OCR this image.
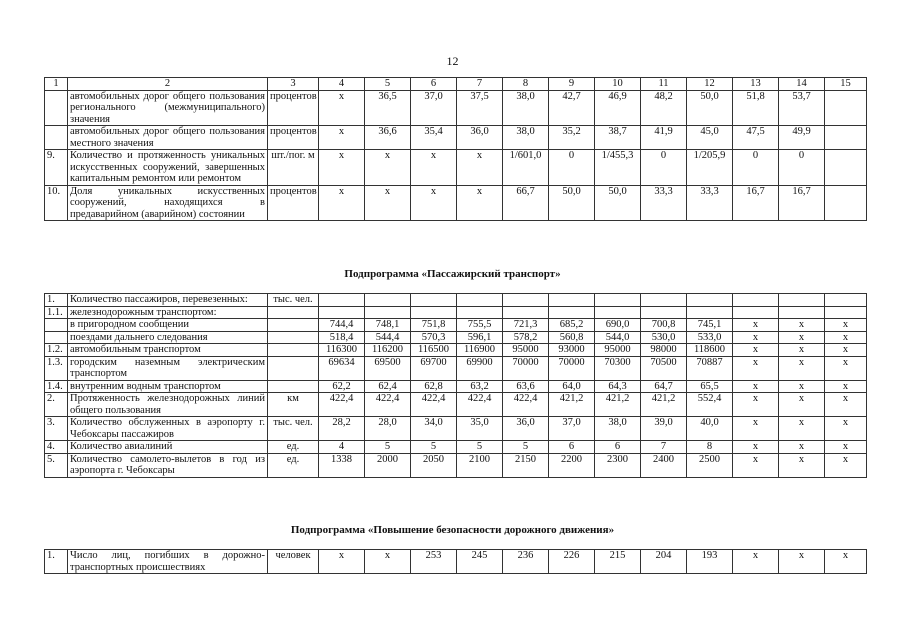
12
1	2	3	4	5	6	7	8	9	10	11	12	13	14	15
	автомобильных дорог общего пользования регионального (межмуниципального) значения	процентов	x	36,5	37,0	37,5	38,0	42,7	46,9	48,2	50,0	51,8	53,7	
	автомобильных дорог общего пользования местного значения	процентов	x	36,6	35,4	36,0	38,0	35,2	38,7	41,9	45,0	47,5	49,9	
9.	Количество и протяженность уникальных искусственных сооружений, завершенных капитальным ремонтом или ремонтом	шт./пог. м	x	x	x	x	1/601,0	0	1/455,3	0	1/205,9	0	0	
10.	Доля уникальных искусственных сооружений, находящихся в предаварийном (аварийном) состоянии	процентов	x	x	x	x	66,7	50,0	50,0	33,3	33,3	16,7	16,7	
Подпрограмма «Пассажирский транспорт»
1.	Количество пассажиров, перевезенных:	тыс. чел.												
1.1.	железнодорожным транспортом:													
	в пригородном сообщении		744,4	748,1	751,8	755,5	721,3	685,2	690,0	700,8	745,1	x	x	x
	поездами дальнего следования		518,4	544,4	570,3	596,1	578,2	560,8	544,0	530,0	533,0	x	x	x
1.2.	автомобильным транспортом		116300	116200	116500	116900	95000	93000	95000	98000	118600	x	x	x
1.3.	городским наземным электрическим транспортом		69634	69500	69700	69900	70000	70000	70300	70500	70887	x	x	x
1.4.	внутренним водным транспортом		62,2	62,4	62,8	63,2	63,6	64,0	64,3	64,7	65,5	x	x	x
2.	Протяженность железнодорожных линий общего пользования	км	422,4	422,4	422,4	422,4	422,4	421,2	421,2	421,2	552,4	x	x	x
3.	Количество обслуженных в аэропорту г. Чебоксары пассажиров	тыс. чел.	28,2	28,0	34,0	35,0	36,0	37,0	38,0	39,0	40,0	x	x	x
4.	Количество авиалиний	ед.	4	5	5	5	5	6	6	7	8	x	x	x
5.	Количество самолето-вылетов в год из аэропорта г. Чебоксары	ед.	1338	2000	2050	2100	2150	2200	2300	2400	2500	x	x	x
Подпрограмма «Повышение безопасности дорожного движения»
1.	Число лиц, погибших в дорожно-транспортных происшествиях	человек	x	x	253	245	236	226	215	204	193	x	x	x
